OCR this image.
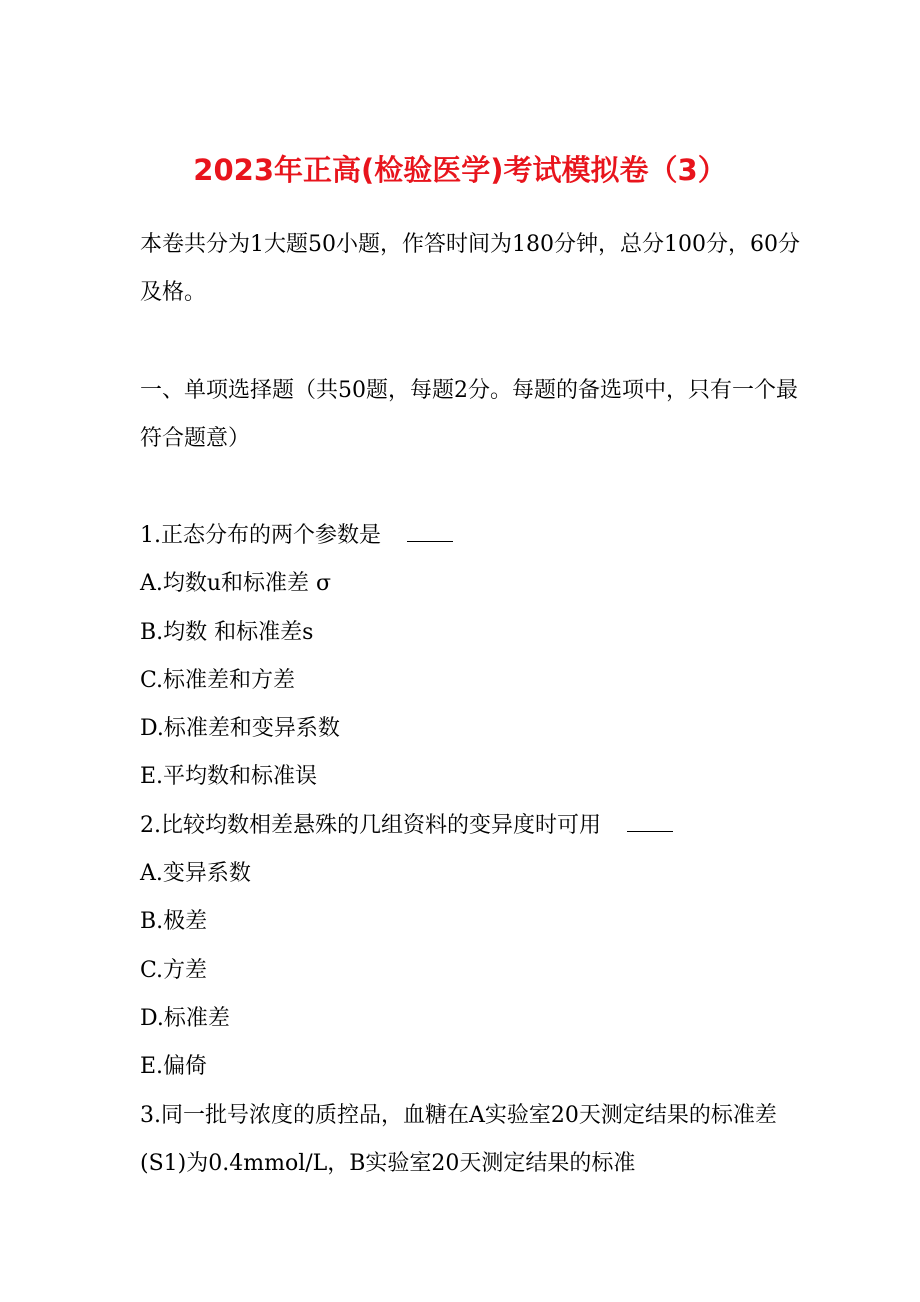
2023年正高(检验医学)考试模拟卷（3）

本卷共分为1大题50小题，作答时间为180分钟，总分100分，60分及格。

一、单项选择题（共50题，每题2分。每题的备选项中，只有一个最符合题意）

1.正态分布的两个参数是
A.均数u和标准差 σ
B.均数 和标准差s
C.标准差和方差
D.标准差和变异系数
E.平均数和标准误
2.比较均数相差悬殊的几组资料的变异度时可用
A.变异系数
B.极差
C.方差
D.标准差
E.偏倚
3.同一批号浓度的质控品，血糖在A实验室20天测定结果的标准差(S1)为0.4mmol/L，B实验室20天测定结果的标准
